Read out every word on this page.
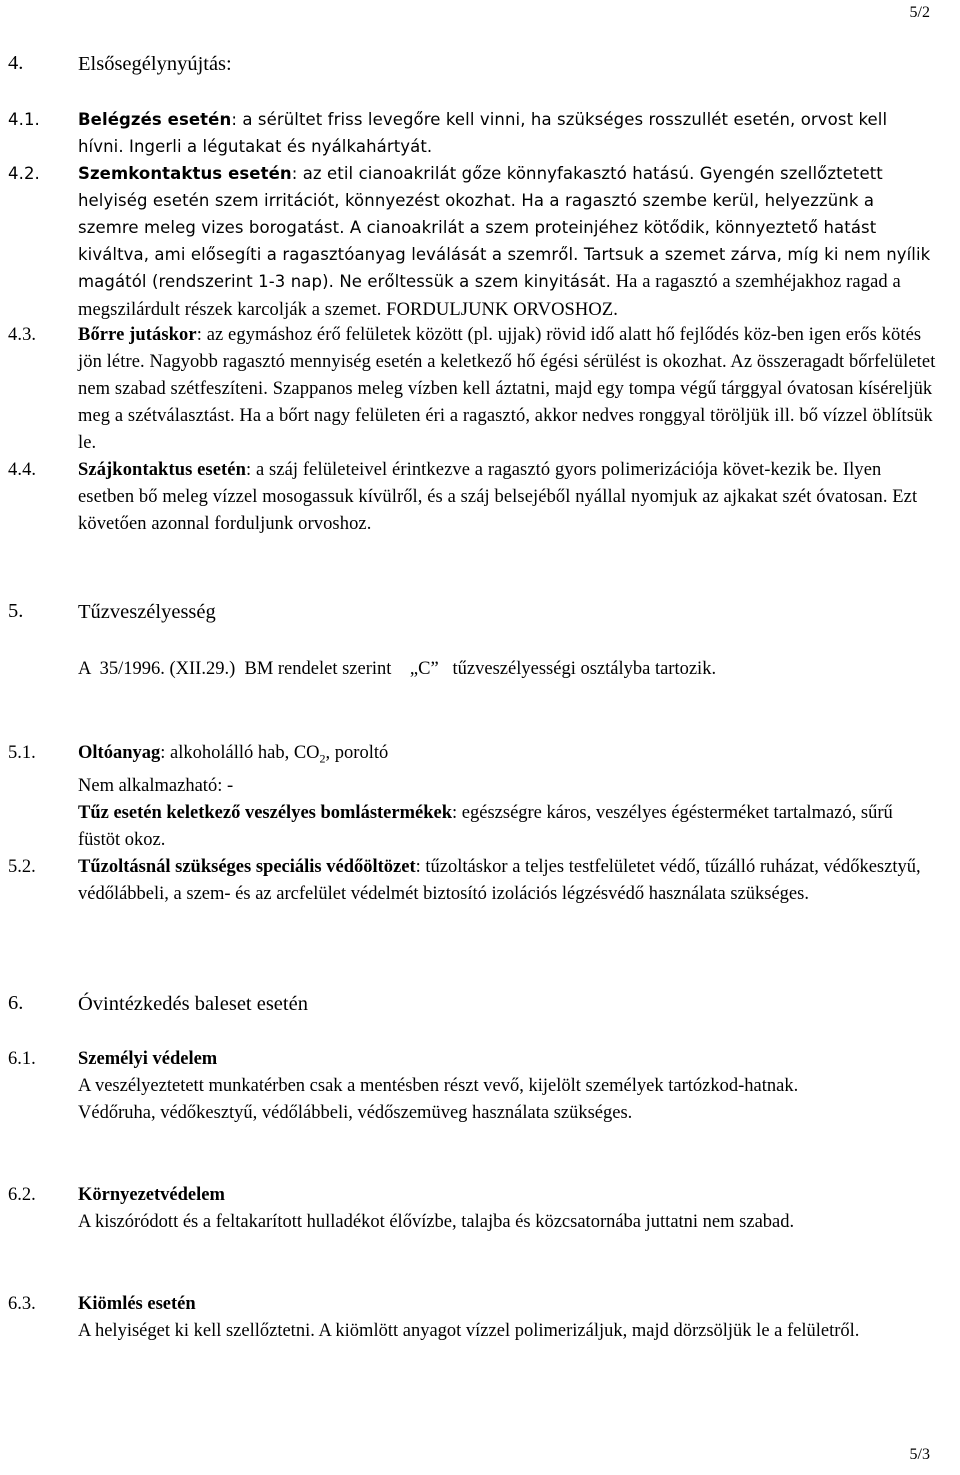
5/2
4.	Elsősegélynyújtás:
4.1.	Belégzés esetén: a sérültet friss levegőre kell vinni, ha szükséges rosszullét esetén, orvost kell hívni. Ingerli a légutakat és nyálkahártyát.
4.2.	Szemkontaktus esetén: az etil cianoakrilát gőze könnyfakasztó hatású. Gyengén szellőztetett helyiség esetén szem irritációt, könnyezést okozhat. Ha a ragasztó szembe kerül, helyezzünk a szemre meleg vizes borogatást. A cianoakrilát a szem proteinjéhez kötődik, könnyeztető hatást kiváltva, ami elősegíti a ragasztóanyag leválását a szemről. Tartsuk a szemet zárva, míg ki nem nyílik magától (rendszerint 1-3 nap). Ne erőltessük a szem kinyitását. Ha a ragasztó a szemhéjakhoz ragad a megszilárdult részek karcolják a szemet. FORDULJUNK ORVOSHOZ.
4.3.	Bőrre jutáskor: az egymáshoz érő felületek között (pl. ujjak) rövid idő alatt hő fejlődés köz-ben igen erős kötés jön létre. Nagyobb ragasztó mennyiség esetén a keletkező hő égési sérülést is okozhat. Az összeragadt bőrfelületet nem szabad szétfeszíteni. Szappanos meleg vízben kell áztatni, majd egy tompa végű tárggyal óvatosan kíséreljük meg a szétválasztást. Ha a bőrt nagy felületen éri a ragasztó, akkor nedves ronggyal töröljük ill. bő vízzel öblítsük le.
4.4.	Szájkontaktus esetén: a száj felületeivel érintkezve a ragasztó gyors polimerizációja követ-kezik be. Ilyen esetben bő meleg vízzel mosogassuk kívülről, és a száj belsejéből nyállal nyomjuk az ajkakat szét óvatosan. Ezt követően azonnal forduljunk orvoshoz.
5.	Tűzveszélyesség
A  35/1996. (XII.29.)  BM rendelet szerint    „C”   tűzveszélyességi osztályba tartozik.
5.1.	Oltóanyag: alkoholálló hab, $CO_2$, poroltó

Nem alkalmazható: -

Tűz esetén keletkező veszélyes bomlástermékek: egészségre káros, veszélyes égésterméket tartalmazó, sűrű füstöt okoz.

5.2.	Tűzoltásnál szükséges speciális védőöltözet: tűzoltáskor a teljes testfelületet védő, tűzálló ruházat, védőkesztyű, védőlábbeli, a szem- és az arcfelület védelmét biztosító izolációs légzésvédő használata szükséges.
6.	Óvintézkedés baleset esetén
6.1.	Személyi védelem

A veszélyeztetett munkatérben csak a mentésben részt vevő, kijelölt személyek tartózkod-hatnak.

Védőruha, védőkesztyű, védőlábbeli, védőszemüveg használata szükséges.

6.2.	Környezetvédelem

A kiszóródott és a feltakarított hulladékot élővízbe, talajba és közcsatornába juttatni nem szabad.

6.3.	Kiömlés esetén

A helyiséget ki kell szellőztetni. A kiömlött anyagot vízzel polimerizáljuk, majd dörzsöljük le a felületről.

5/3
